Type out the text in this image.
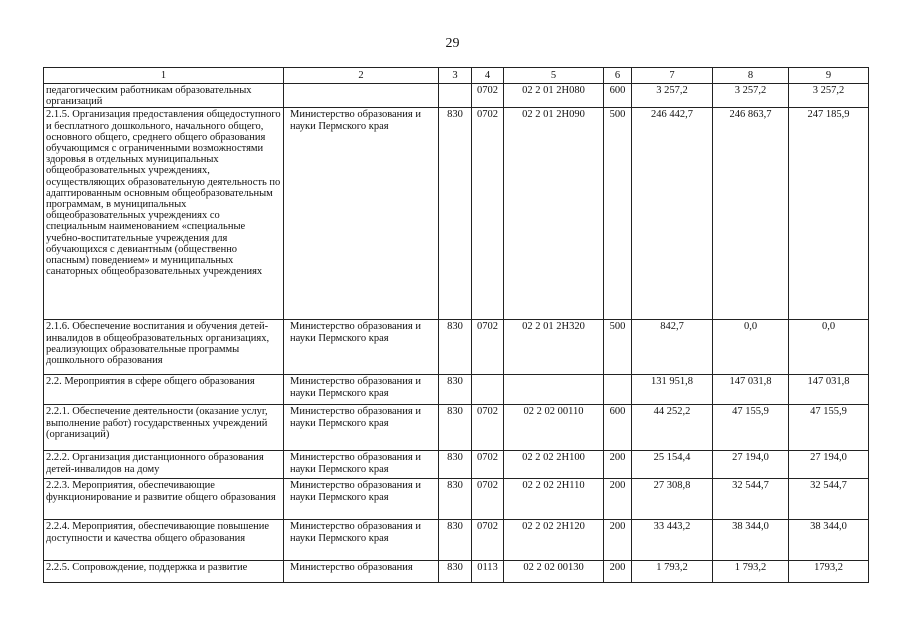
29
1	2	3	4	5	6	7	8	9
педагогическим работникам образовательных организаций			0702	02 2 01 2Н080	600	3 257,2	3 257,2	3 257,2
2.1.5. Организация предоставления общедоступного и бесплатного дошкольного, начального общего, основного общего, среднего общего образования обучающимся с ограниченными возможностями здоровья в отдельных муниципальных общеобразовательных учреждениях, осуществляющих образовательную деятельность по адаптированным основным общеобразовательным программам, в муниципальных общеобразовательных учреждениях со специальным наименованием «специальные учебно-воспитательные учреждения для обучающихся с девиантным (общественно опасным) поведением» и муниципальных санаторных общеобразовательных учреждениях	Министерство образования и науки Пермского края	830	0702	02 2 01 2Н090	500	246 442,7	246 863,7	247 185,9
2.1.6. Обеспечение воспитания и обучения детей-инвалидов в общеобразовательных организациях, реализующих образовательные программы дошкольного образования	Министерство образования и науки Пермского края	830	0702	02 2 01 2Н320	500	842,7	0,0	0,0
2.2. Мероприятия в сфере общего образования	Министерство образования и науки Пермского края	830				131 951,8	147 031,8	147 031,8
2.2.1. Обеспечение деятельности (оказание услуг, выполнение работ) государственных учреждений (организаций)	Министерство образования и науки Пермского края	830	0702	02 2 02 00110	600	44 252,2	47 155,9	47 155,9
2.2.2. Организация дистанционного образования детей-инвалидов на дому	Министерство образования и науки Пермского края	830	0702	02 2 02 2Н100	200	25 154,4	27 194,0	27 194,0
2.2.3. Мероприятия, обеспечивающие функционирование и развитие общего образования	Министерство образования и науки Пермского края	830	0702	02 2 02 2Н110	200	27 308,8	32 544,7	32 544,7
2.2.4. Мероприятия, обеспечивающие повышение доступности и качества общего образования	Министерство образования и науки Пермского края	830	0702	02 2 02 2Н120	200	33 443,2	38 344,0	38 344,0
2.2.5. Сопровождение, поддержка и развитие	Министерство образования	830	0113	02 2 02 00130	200	1 793,2	1 793,2	1793,2
